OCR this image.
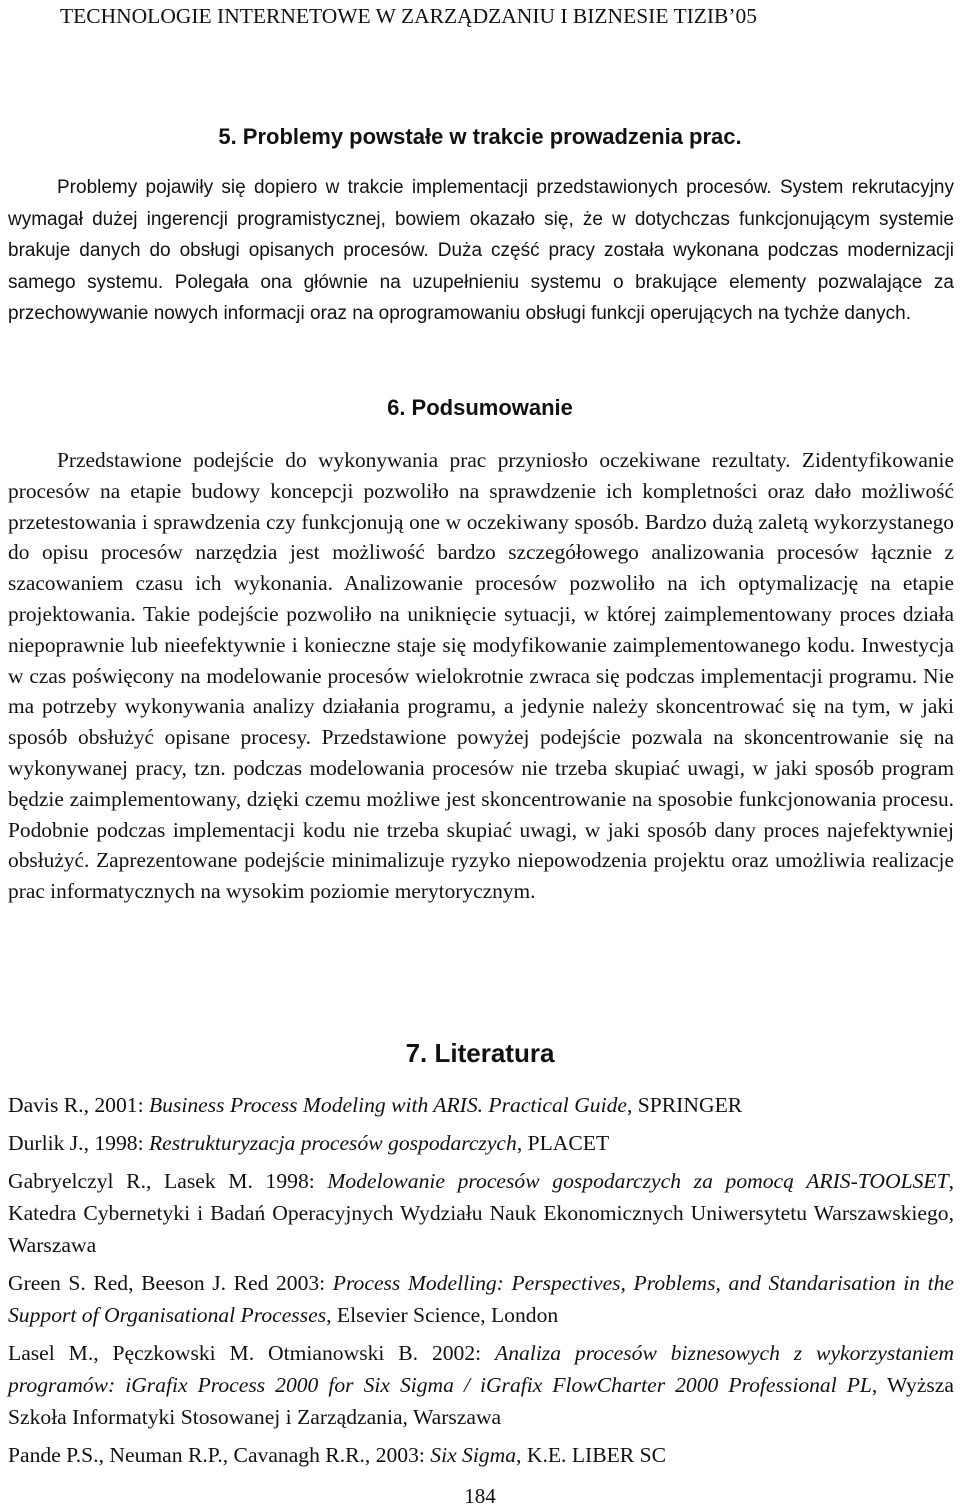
TECHNOLOGIE INTERNETOWE W ZARZĄDZANIU I BIZNESIE TIZIB’05
5. Problemy powstałe w trakcie prowadzenia prac.

Problemy pojawiły się dopiero w trakcie implementacji przedstawionych procesów. System rekrutacyjny wymagał dużej ingerencji programistycznej, bowiem okazało się, że w dotychczas funkcjonującym systemie brakuje danych do obsługi opisanych procesów. Duża część pracy została wykonana podczas modernizacji samego systemu. Polegała ona głównie na uzupełnieniu systemu o brakujące elementy pozwalające za przechowywanie nowych informacji oraz na oprogramowaniu obsługi funkcji operujących na tychże danych.

6. Podsumowanie

Przedstawione podejście do wykonywania prac przyniosło oczekiwane rezultaty. Zidentyfikowanie procesów na etapie budowy koncepcji pozwoliło na sprawdzenie ich kompletności oraz dało możliwość przetestowania i sprawdzenia czy funkcjonują one w oczekiwany sposób. Bardzo dużą zaletą wykorzystanego do opisu procesów narzędzia jest możliwość bardzo szczegółowego analizowania procesów łącznie z szacowaniem czasu ich wykonania. Analizowanie procesów pozwoliło na ich optymalizację na etapie projektowania. Takie podejście pozwoliło na uniknięcie sytuacji, w której zaimplementowany proces działa niepoprawnie lub nieefektywnie i konieczne staje się modyfikowanie zaimplementowanego kodu. Inwestycja w czas poświęcony na modelowanie procesów wielokrotnie zwraca się podczas implementacji programu. Nie ma potrzeby wykonywania analizy działania programu, a jedynie należy skoncentrować się na tym, w jaki sposób obsłużyć opisane procesy. Przedstawione powyżej podejście pozwala na skoncentrowanie się na wykonywanej pracy, tzn. podczas modelowania procesów nie trzeba skupiać uwagi, w jaki sposób program będzie zaimplementowany, dzięki czemu możliwe jest skoncentrowanie na sposobie funkcjonowania procesu. Podobnie podczas implementacji kodu nie trzeba skupiać uwagi, w jaki sposób dany proces najefektywniej obsłużyć. Zaprezentowane podejście minimalizuje ryzyko niepowodzenia projektu oraz umożliwia realizacje prac informatycznych na wysokim poziomie merytorycznym.

7. Literatura

Davis R., 2001: Business Process Modeling with ARIS. Practical Guide, SPRINGER

Durlik J., 1998: Restrukturyzacja procesów gospodarczych, PLACET

Gabryelczyl R., Lasek M. 1998: Modelowanie procesów gospodarczych za pomocą ARIS-TOOLSET, Katedra Cybernetyki i Badań Operacyjnych Wydziału Nauk Ekonomicznych Uniwersytetu Warszawskiego, Warszawa

Green S. Red, Beeson J. Red 2003: Process Modelling: Perspectives, Problems, and Standarisation in the Support of Organisational Processes, Elsevier Science, London

Lasel M., Pęczkowski M. Otmianowski B. 2002: Analiza procesów biznesowych z wykorzystaniem programów: iGrafix Process 2000 for Six Sigma / iGrafix FlowCharter 2000 Professional PL, Wyższa Szkoła Informatyki Stosowanej i Zarządzania, Warszawa

Pande P.S., Neuman R.P., Cavanagh R.R., 2003: Six Sigma, K.E. LIBER SC

184
